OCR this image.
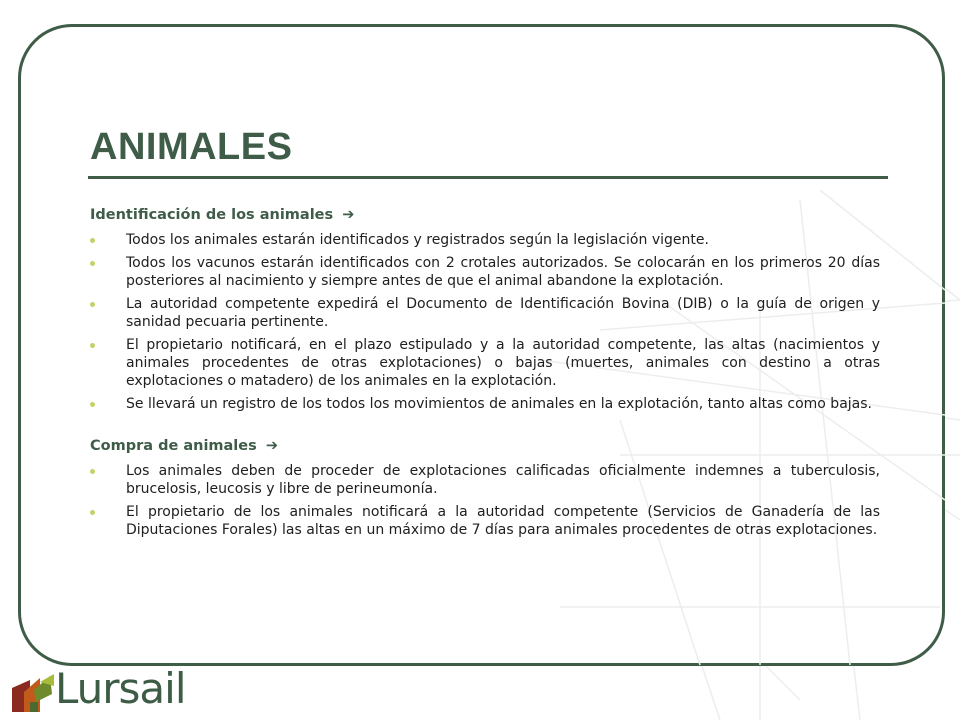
ANIMALES
Identificación de los animales ➔
Todos los animales estarán identificados y registrados según la legislación vigente.
Todos los vacunos estarán identificados con 2 crotales autorizados. Se colocarán en los primeros 20 días posteriores al nacimiento y siempre antes de que el animal abandone la explotación.
La autoridad competente expedirá el Documento de Identificación Bovina (DIB) o la guía de origen y sanidad pecuaria pertinente.
El propietario notificará, en el plazo estipulado y a la autoridad competente, las altas (nacimientos y animales procedentes de otras explotaciones) o bajas (muertes, animales con destino a otras explotaciones o matadero) de los animales en la explotación.
Se llevará un registro de los todos los movimientos de animales en la explotación, tanto altas como bajas.
Compra de animales ➔
Los animales deben de proceder de explotaciones calificadas oficialmente indemnes a tuberculosis, brucelosis, leucosis y libre de perineumonía.
El propietario de los animales notificará a la autoridad competente (Servicios de Ganadería de las Diputaciones Forales) las altas en un máximo de 7 días para animales procedentes de otras explotaciones.
Lursail
